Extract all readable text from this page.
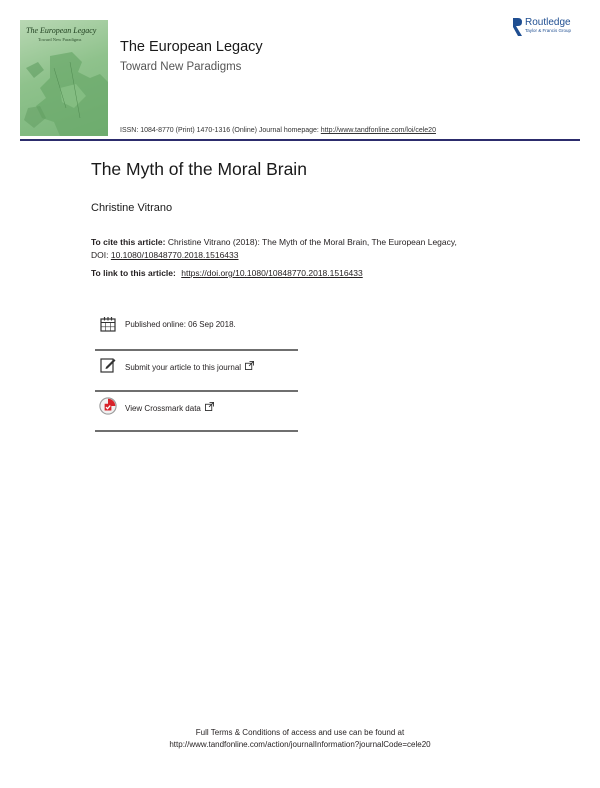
The European Legacy
Toward New Paradigms	The European Legacy
Toward New Paradigms
ISSN: 1084-8770 (Print) 1470-1316 (Online) Journal homepage: http://www.tandfonline.com/loi/cele20
Routledge
Taylor & Francis Group
The Myth of the Moral Brain
Christine Vitrano
To cite this article: Christine Vitrano (2018): The Myth of the Moral Brain, The European Legacy,
DOI: 10.1080/10848770.2018.1516433
To link to this article: https://doi.org/10.1080/10848770.2018.1516433
Published online: 06 Sep 2018.
Submit your article to this journal
View Crossmark data
Full Terms & Conditions of access and use can be found at
http://www.tandfonline.com/action/journalInformation?journalCode=cele20
